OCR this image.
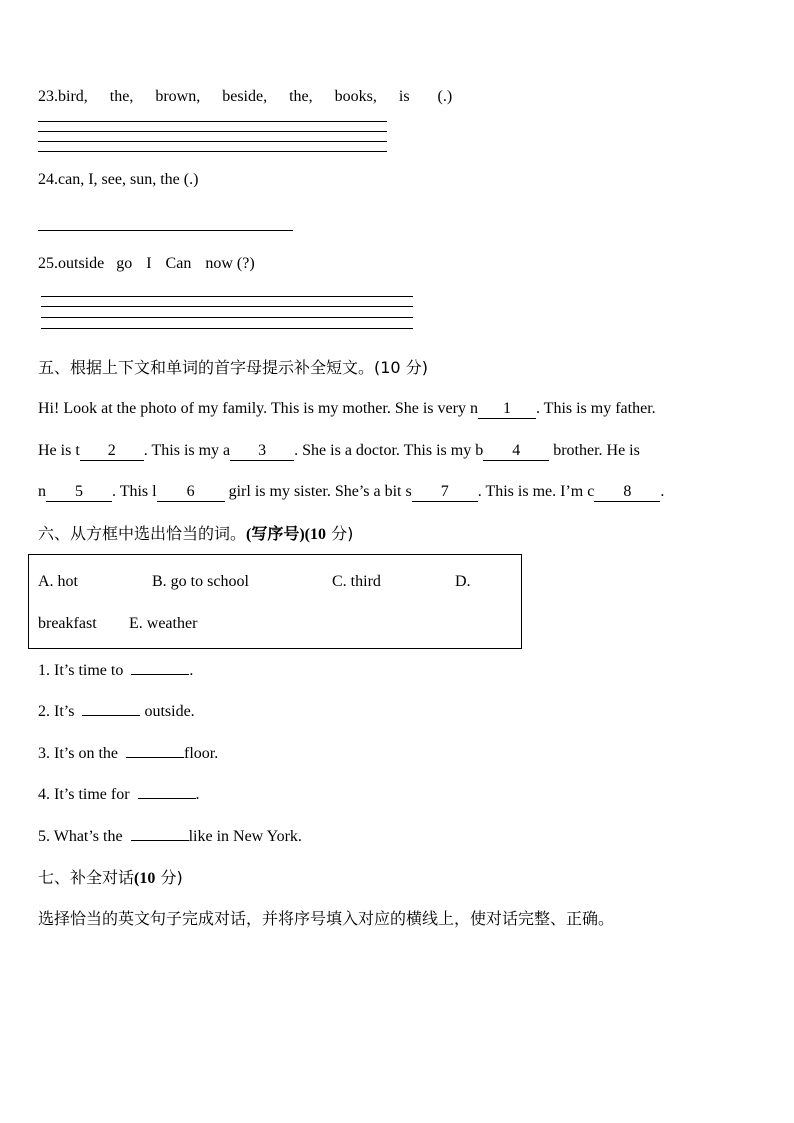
23.bird, the, brown, beside, the, books, is (.)
24.can, I, see, sun, the (.)
25.outside go I Can now (?)
五、根据上下文和单词的首字母提示补全短文。(10 分)
Hi! Look at the photo of my family. This is my mother. She is very n 1 . This is my father.
He is t 2 . This is my a 3 . She is a doctor. This is my b 4 brother. He is
n 5 . This l 6 girl is my sister. She’s a bit s 7 . This is me. I’m c 8 .
六、从方框中选出恰当的词。(写序号)(10 分)
A. hot	B. go to school	C. third	D.
breakfast E. weather
1. It’s time to	.
2. It’s	outside.
3. It’s on the	floor.
4. It’s time for	.
5. What’s the	like in New York.
七、补全对话(10 分)
选择恰当的英文句子完成对话，并将序号填入对应的横线上，使对话完整、正确。
